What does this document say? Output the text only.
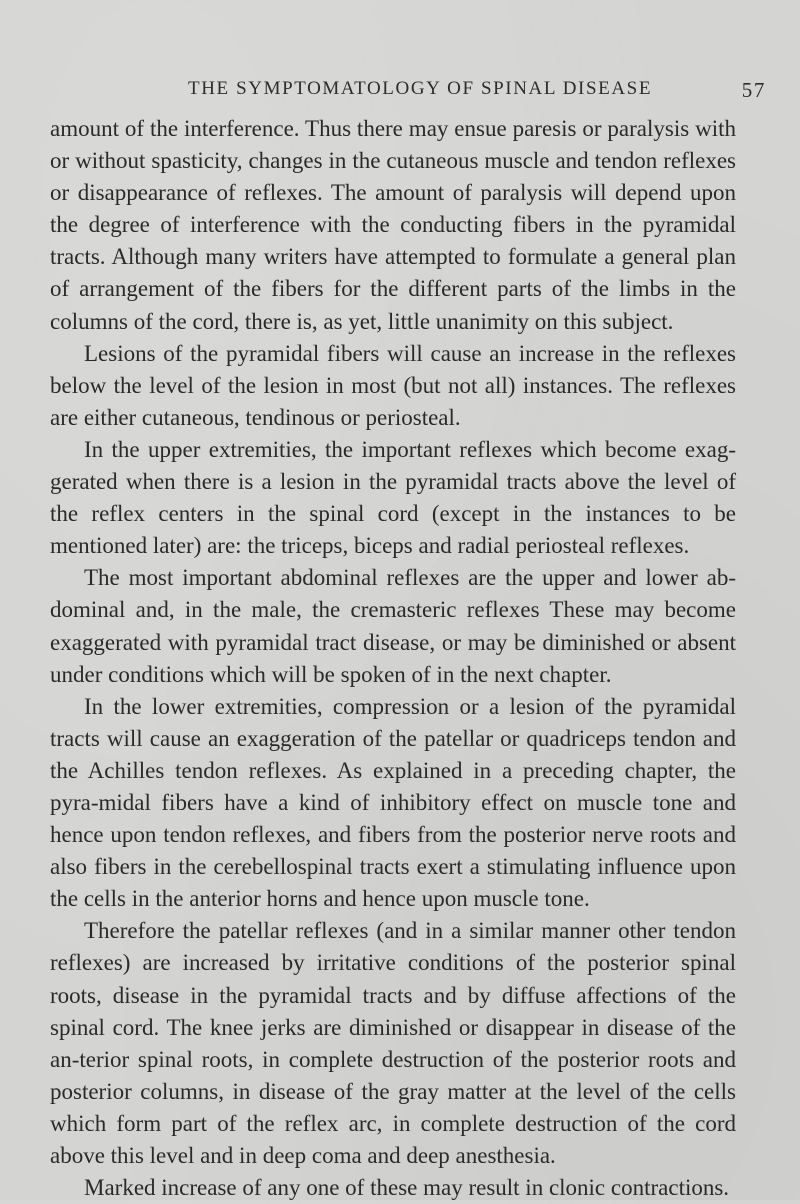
THE SYMPTOMATOLOGY OF SPINAL DISEASE	57

amount of the interference. Thus there may ensue paresis or paralysis with or without spasticity, changes in the cutaneous muscle and tendon reflexes or disappearance of reflexes. The amount of paralysis will depend upon the degree of interference with the conducting fibers in the pyramidal tracts. Although many writers have attempted to formulate a general plan of arrangement of the fibers for the different parts of the limbs in the columns of the cord, there is, as yet, little unanimity on this subject.

Lesions of the pyramidal fibers will cause an increase in the reflexes below the level of the lesion in most (but not all) instances. The reflexes are either cutaneous, tendinous or periosteal.

In the upper extremities, the important reflexes which become exag-gerated when there is a lesion in the pyramidal tracts above the level of the reflex centers in the spinal cord (except in the instances to be mentioned later) are: the triceps, biceps and radial periosteal reflexes.

The most important abdominal reflexes are the upper and lower ab-dominal and, in the male, the cremasteric reflexes These may become exaggerated with pyramidal tract disease, or may be diminished or absent under conditions which will be spoken of in the next chapter.

In the lower extremities, compression or a lesion of the pyramidal tracts will cause an exaggeration of the patellar or quadriceps tendon and the Achilles tendon reflexes. As explained in a preceding chapter, the pyra-midal fibers have a kind of inhibitory effect on muscle tone and hence upon tendon reflexes, and fibers from the posterior nerve roots and also fibers in the cerebellospinal tracts exert a stimulating influence upon the cells in the anterior horns and hence upon muscle tone.

Therefore the patellar reflexes (and in a similar manner other tendon reflexes) are increased by irritative conditions of the posterior spinal roots, disease in the pyramidal tracts and by diffuse affections of the spinal cord. The knee jerks are diminished or disappear in disease of the an-terior spinal roots, in complete destruction of the posterior roots and posterior columns, in disease of the gray matter at the level of the cells which form part of the reflex arc, in complete destruction of the cord above this level and in deep coma and deep anesthesia.

Marked increase of any one of these may result in clonic contractions.
